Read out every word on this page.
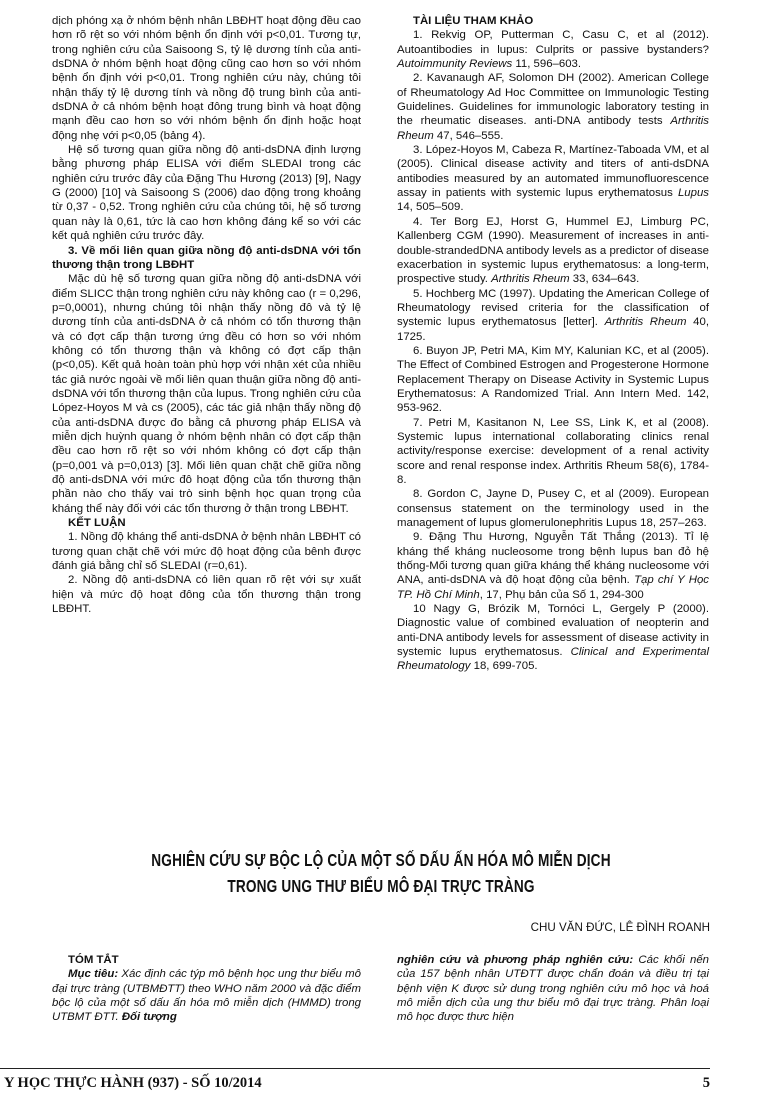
dịch phóng xạ ở nhóm bệnh nhân LBĐHT hoạt động đều cao hơn rõ rệt so với nhóm bệnh ổn định với p<0,01. Tương tự, trong nghiên cứu của Saisoong S, tỷ lệ dương tính của anti-dsDNA ở nhóm bệnh hoạt động cũng cao hơn so với nhóm bệnh ổn định với p<0,01. Trong nghiên cứu này, chúng tôi nhận thấy tỷ lệ dương tính và nồng độ trung bình của anti-dsDNA ở cả nhóm bệnh hoạt đông trung bình và hoạt động mạnh đều cao hơn so với nhóm bệnh ổn định hoặc hoạt động nhẹ với p<0,05 (bảng 4).

Hệ số tương quan giữa nồng độ anti-dsDNA định lượng bằng phương pháp ELISA với điểm SLEDAI trong các nghiên cứu trước đây của Đặng Thu Hương (2013) [9], Nagy G (2000) [10] và Saisoong S (2006) dao động trong khoảng từ 0,37 - 0,52. Trong nghiên cứu của chúng tôi, hệ số tương quan này là 0,61, tức là cao hơn không đáng kể so với các kết quả nghiên cứu trước đây.

3. Về mối liên quan giữa nồng độ anti-dsDNA với tổn thương thận trong LBĐHT

Mặc dù hệ số tương quan giữa nồng độ anti-dsDNA với điểm SLICC thận trong nghiên cứu này không cao (r = 0,296, p=0,0001), nhưng chúng tôi nhận thấy nồng đô và tỷ lệ dương tính của anti-dsDNA ở cả nhóm có tổn thương thận và có đợt cấp thận tương ứng đều có hơn so với nhóm không có tổn thương thận và không có đợt cấp thận (p<0,05). Kết quả hoàn toàn phù hợp với nhận xét của nhiều tác giả nước ngoài về mối liên quan thuận giữa nồng độ anti-dsDNA với tổn thương thận của lupus. Trong nghiên cứu của López-Hoyos M và cs (2005), các tác giả nhận thấy nồng độ của anti-dsDNA được đo bằng cả phương pháp ELISA và miễn dịch huỳnh quang ở nhóm bệnh nhân có đợt cấp thận đều cao hơn rõ rệt so với nhóm không có đợt cấp thận (p=0,001 và p=0,013) [3]. Mối liên quan chặt chẽ giữa nồng độ anti-dsDNA với mức đô hoạt động của tổn thương thận phần nào cho thấy vai trò sinh bệnh học quan trọng của kháng thể này đối với các tổn thương ở thận trong LBĐHT.

KẾT LUẬN

1. Nồng độ kháng thể anti-dsDNA ở bệnh nhân LBĐHT có tương quan chặt chẽ với mức độ hoạt động của bênh được đánh giá bằng chỉ số SLEDAI (r=0,61).

2. Nồng độ anti-dsDNA có liên quan rõ rệt với sự xuất hiện và mức độ hoạt đông của tổn thương thận trong LBĐHT.

TÀI LIỆU THAM KHẢO

1. Rekvig OP, Putterman C, Casu C, et al (2012). Autoantibodies in lupus: Culprits or passive bystanders? Autoimmunity Reviews 11, 596–603.

2. Kavanaugh AF, Solomon DH (2002). American College of Rheumatology Ad Hoc Committee on Immunologic Testing Guidelines. Guidelines for immunologic laboratory testing in the rheumatic diseases. anti-DNA antibody tests Arthritis Rheum 47, 546–555.

3. López-Hoyos M, Cabeza R, Martínez-Taboada VM, et al (2005). Clinical disease activity and titers of anti-dsDNA antibodies measured by an automated immunofluorescence assay in patients with systemic lupus erythematosus Lupus 14, 505–509.

4. Ter Borg EJ, Horst G, Hummel EJ, Limburg PC, Kallenberg CGM (1990). Measurement of increases in anti-double-strandedDNA antibody levels as a predictor of disease exacerbation in systemic lupus erythematosus: a long-term, prospective study. Arthritis Rheum 33, 634–643.

5. Hochberg MC (1997). Updating the American College of Rheumatology revised criteria for the classification of systemic lupus erythematosus [letter]. Arthritis Rheum 40, 1725.

6. Buyon JP, Petri MA, Kim MY, Kalunian KC, et al (2005). The Effect of Combined Estrogen and Progesterone Hormone Replacement Therapy on Disease Activity in Systemic Lupus Erythematosus: A Randomized Trial. Ann Intern Med. 142, 953-962.

7. Petri M, Kasitanon N, Lee SS, Link K, et al (2008). Systemic lupus international collaborating clinics renal activity/response exercise: development of a renal activity score and renal response index. Arthritis Rheum 58(6), 1784-8.

8. Gordon C, Jayne D, Pusey C, et al (2009). European consensus statement on the terminology used in the management of lupus glomerulonephritis Lupus 18, 257–263.

9. Đặng Thu Hương, Nguyễn Tất Thắng (2013). Tỉ lệ kháng thể kháng nucleosome trong bệnh lupus ban đỏ hệ thống-Mối tương quan giữa kháng thể kháng nucleosome với ANA, anti-dsDNA và độ hoạt động của bệnh. Tạp chí Y Học TP. Hồ Chí Minh, 17, Phụ bản của Số 1, 294-300

10 Nagy G, Brózik M, Tornóci L, Gergely P (2000). Diagnostic value of combined evaluation of neopterin and anti-DNA antibody levels for assessment of disease activity in systemic lupus erythematosus. Clinical and Experimental Rheumatology 18, 699-705.

NGHIÊN CỨU SỰ BỘC LỘ CỦA MỘT SỐ DẤU ẤN HÓA MÔ MIỄN DỊCH
TRONG UNG THƯ BIỂU MÔ ĐẠI TRỰC TRÀNG
CHU VĂN ĐỨC, LÊ ĐÌNH ROANH
TÓM TẮT
Mục tiêu: Xác định các týp mô bệnh học ung thư biểu mô đại trực tràng (UTBMĐTT) theo WHO năm 2000 và đặc điểm bộc lộ của một số dấu ấn hóa mô miễn dịch (HMMD) trong UTBMT ĐTT. Đối tượng
nghiên cứu và phương pháp nghiên cứu: Các khối nến của 157 bệnh nhân UTĐTT được chẩn đoán và điều trị tại bệnh viện K được sử dung trong nghiên cứu mô học và hoá mô miễn dịch của ung thư biểu mô đại trực tràng. Phân loại mô học được thưc hiện
Y HỌC THỰC HÀNH (937) - SỐ 10/2014	5
